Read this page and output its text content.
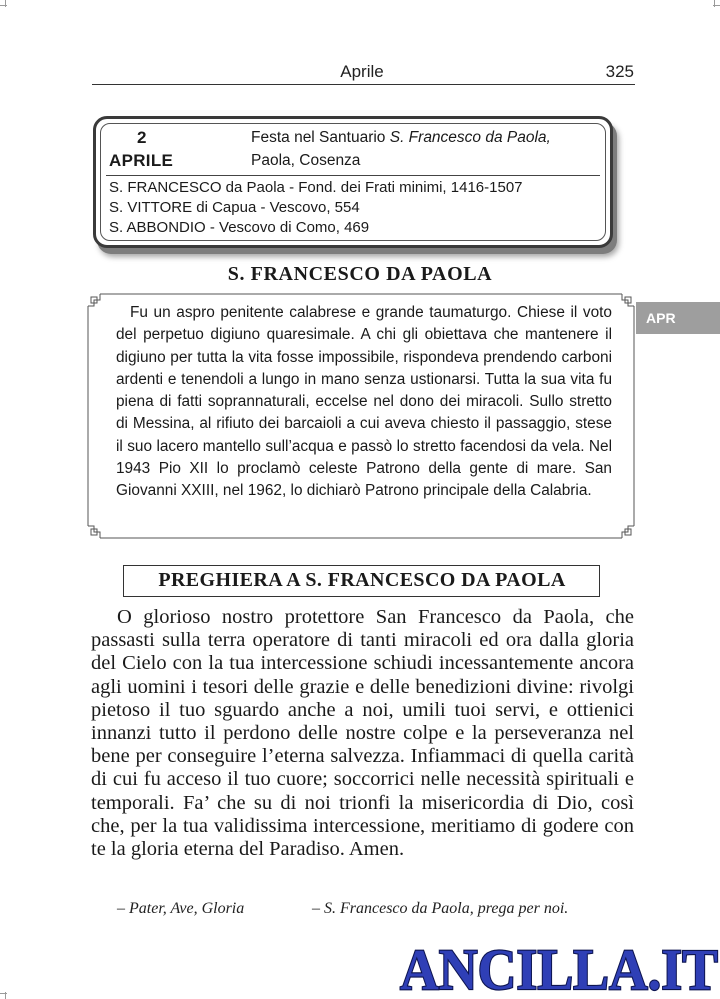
Aprile	325
2
APRILE
Festa nel Santuario S. Francesco da Paola,
Paola, Cosenza
S. FRANCESCO da Paola - Fond. dei Frati minimi, 1416-1507
S. VITTORE di Capua - Vescovo, 554
S. ABBONDIO - Vescovo di Como, 469
APR
S. FRANCESCO DA PAOLA

Fu un aspro penitente calabrese e grande taumaturgo. Chiese il voto del perpetuo digiuno quaresimale. A chi gli obiettava che mantenere il digiuno per tutta la vita fosse impossibile, rispondeva prendendo carboni ardenti e tenendoli a lungo in mano senza ustionarsi. Tutta la sua vita fu piena di fatti soprannaturali, eccelse nel dono dei miracoli. Sullo stretto di Messina, al rifiuto dei barcaioli a cui aveva chiesto il passaggio, stese il suo lacero mantello sull’acqua e passò lo stretto facendosi da vela. Nel 1943 Pio XII lo proclamò celeste Patrono della gente di mare. San Giovanni XXIII, nel 1962, lo dichiarò Patrono principale della Calabria.

PREGHIERA A S. FRANCESCO DA PAOLA

O glorioso nostro protettore San Francesco da Paola, che passasti sulla terra operatore di tanti miracoli ed ora dalla gloria del Cielo con la tua intercessione schiudi incessantemente ancora agli uomini i tesori delle grazie e delle benedizioni divine: rivolgi pietoso il tuo sguardo anche a noi, umili tuoi servi, e ottienici innanzi tutto il perdono delle nostre colpe e la perseveranza nel bene per conseguire l’eterna salvezza. Infiammaci di quella carità di cui fu acceso il tuo cuore; soccorrici nelle necessità spirituali e temporali. Fa’ che su di noi trionfi la misericordia di Dio, così che, per la tua validissima intercessione, meritiamo di godere con te la gloria eterna del Paradiso. Amen.

– Pater, Ave, Gloria	– S. Francesco da Paola, prega per noi.
ANCILLA.IT
